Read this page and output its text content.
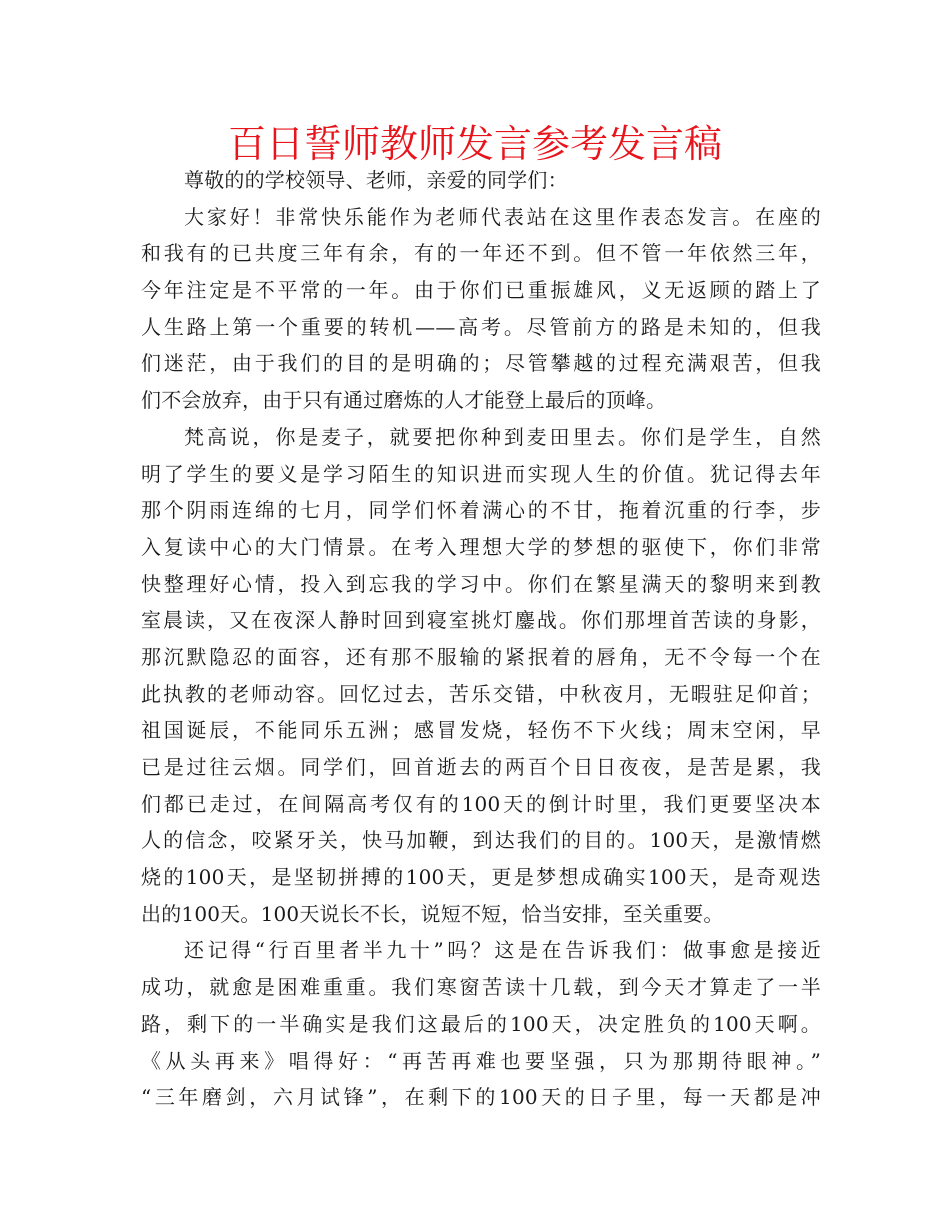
百日誓师教师发言参考发言稿
尊敬的的学校领导、老师，亲爱的同学们：
大家好！非常快乐能作为老师代表站在这里作表态发言。在座的
和我有的已共度三年有余，有的一年还不到。但不管一年依然三年，
今年注定是不平常的一年。由于你们已重振雄风，义无返顾的踏上了
人生路上第一个重要的转机——高考。尽管前方的路是未知的，但我
们迷茫，由于我们的目的是明确的；尽管攀越的过程充满艰苦，但我
们不会放弃，由于只有通过磨炼的人才能登上最后的顶峰。
梵高说，你是麦子，就要把你种到麦田里去。你们是学生，自然
明了学生的要义是学习陌生的知识进而实现人生的价值。犹记得去年
那个阴雨连绵的七月，同学们怀着满心的不甘，拖着沉重的行李，步
入复读中心的大门情景。在考入理想大学的梦想的驱使下，你们非常
快整理好心情，投入到忘我的学习中。你们在繁星满天的黎明来到教
室晨读，又在夜深人静时回到寝室挑灯鏖战。你们那埋首苦读的身影，
那沉默隐忍的面容，还有那不服输的紧抿着的唇角，无不令每一个在
此执教的老师动容。回忆过去，苦乐交错，中秋夜月，无暇驻足仰首；
祖国诞辰，不能同乐五洲；感冒发烧，轻伤不下火线；周末空闲，早
已是过往云烟。同学们，回首逝去的两百个日日夜夜，是苦是累，我
们都已走过，在间隔高考仅有的100天的倒计时里，我们更要坚决本
人的信念，咬紧牙关，快马加鞭，到达我们的目的。100天，是激情燃
烧的100天，是坚韧拼搏的100天，更是梦想成确实100天，是奇观迭
出的100天。100天说长不长，说短不短，恰当安排，至关重要。
还记得“行百里者半九十”吗？这是在告诉我们：做事愈是接近
成功，就愈是困难重重。我们寒窗苦读十几载，到今天才算走了一半
路，剩下的一半确实是我们这最后的100天，决定胜负的100天啊。
《从头再来》唱得好：“再苦再难也要坚强，只为那期待眼神。”
“三年磨剑，六月试锋”，在剩下的100天的日子里，每一天都是冲
